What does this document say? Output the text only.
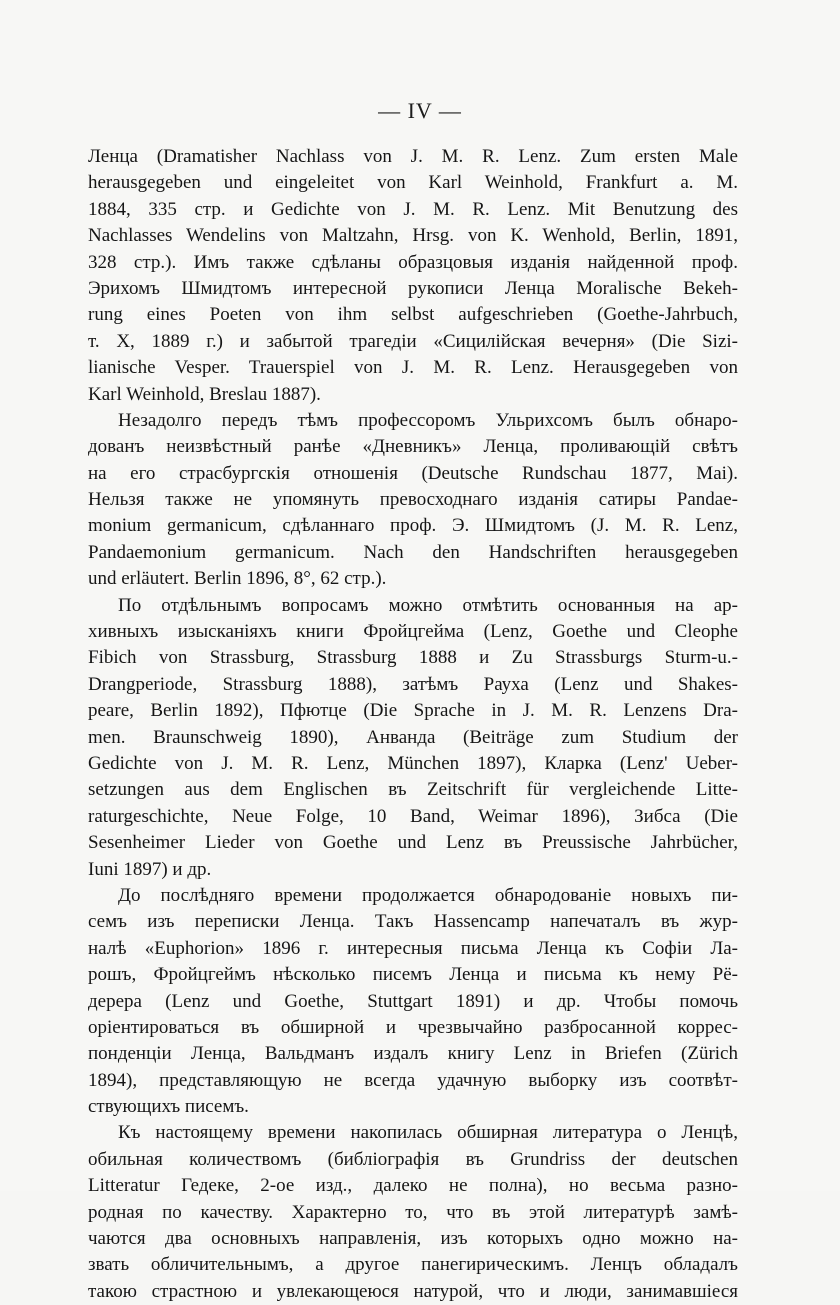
— IV —
Ленца (Dramatisher Nachlass von J. M. R. Lenz. Zum ersten Male
herausgegeben und eingeleitet von Karl Weinhold, Frankfurt a. M.
1884, 335 стр. и Gedichte von J. M. R. Lenz. Mit Benutzung des
Nachlasses Wendelins von Maltzahn, Hrsg. von K. Wenhold, Berlin, 1891,
328 стр.). Имъ также сдѣланы образцовыя изданія найденной проф.
Эрихомъ Шмидтомъ интересной рукописи Ленца Moralische Bekeh-
rung eines Poeten von ihm selbst aufgeschrieben (Goethe-Jahrbuch,
т. X, 1889 г.) и забытой трагедіи «Сицилійская вечерня» (Die Sizi-
lianische Vesper. Trauerspiel von J. M. R. Lenz. Herausgegeben von
Karl Weinhold, Breslau 1887).
Незадолго передъ тѣмъ профессоромъ Ульрихсомъ былъ обнаро-
дованъ неизвѣстный ранѣе «Дневникъ» Ленца, проливающій свѣтъ
на его страсбургскія отношенія (Deutsche Rundschau 1877, Mai).
Нельзя также не упомянуть превосходнаго изданія сатиры Pandae-
monium germanicum, сдѣланнаго проф. Э. Шмидтомъ (J. M. R. Lenz,
Pandaemonium germanicum. Nach den Handschriften herausgegeben
und erläutert. Berlin 1896, 8°, 62 стр.).
По отдѣльнымъ вопросамъ можно отмѣтить основанныя на ар-
хивныхъ изысканіяхъ книги Фройцгейма (Lenz, Goethe und Cleophe
Fibich von Strassburg, Strassburg 1888 и Zu Strassburgs Sturm-u.-
Drangperiode, Strassburg 1888), затѣмъ Рауха (Lenz und Shakes-
peare, Berlin 1892), Пфютце (Die Sprache in J. M. R. Lenzens Dra-
men. Braunschweig 1890), Анванда (Beiträge zum Studium der
Gedichte von J. M. R. Lenz, München 1897), Кларка (Lenz' Ueber-
setzungen aus dem Englischen въ Zeitschrift für vergleichende Litte-
raturgeschichte, Neue Folge, 10 Band, Weimar 1896), Зибса (Die
Sesenheimer Lieder von Goethe und Lenz въ Preussische Jahrbücher,
Iuni 1897) и др.
До послѣдняго времени продолжается обнародованіе новыхъ пи-
семъ изъ переписки Ленца. Такъ Hassencamp напечаталъ въ жур-
налѣ «Euphorion» 1896 г. интересныя письма Ленца къ Софіи Ла-
рошъ, Фройцгеймъ нѣсколько писемъ Ленца и письма къ нему Рё-
дерера (Lenz und Goethe, Stuttgart 1891) и др. Чтобы помочь
оріентироваться въ обширной и чрезвычайно разбросанной коррес-
понденціи Ленца, Вальдманъ издалъ книгу Lenz in Briefen (Zürich
1894), представляющую не всегда удачную выборку изъ соотвѣт-
ствующихъ писемъ.
Къ настоящему времени накопилась обширная литература о Ленцѣ,
обильная количествомъ (библіографія въ Grundriss der deutschen
Litteratur Гедеке, 2-ое изд., далеко не полна), но весьма разно-
родная по качеству. Характерно то, что въ этой литературѣ замѣ-
чаются два основныхъ направленія, изъ которыхъ одно можно на-
звать обличительнымъ, а другое панегирическимъ. Ленцъ обладалъ
такою страстною и увлекающеюся натурой, что и люди, занимавшіеся
